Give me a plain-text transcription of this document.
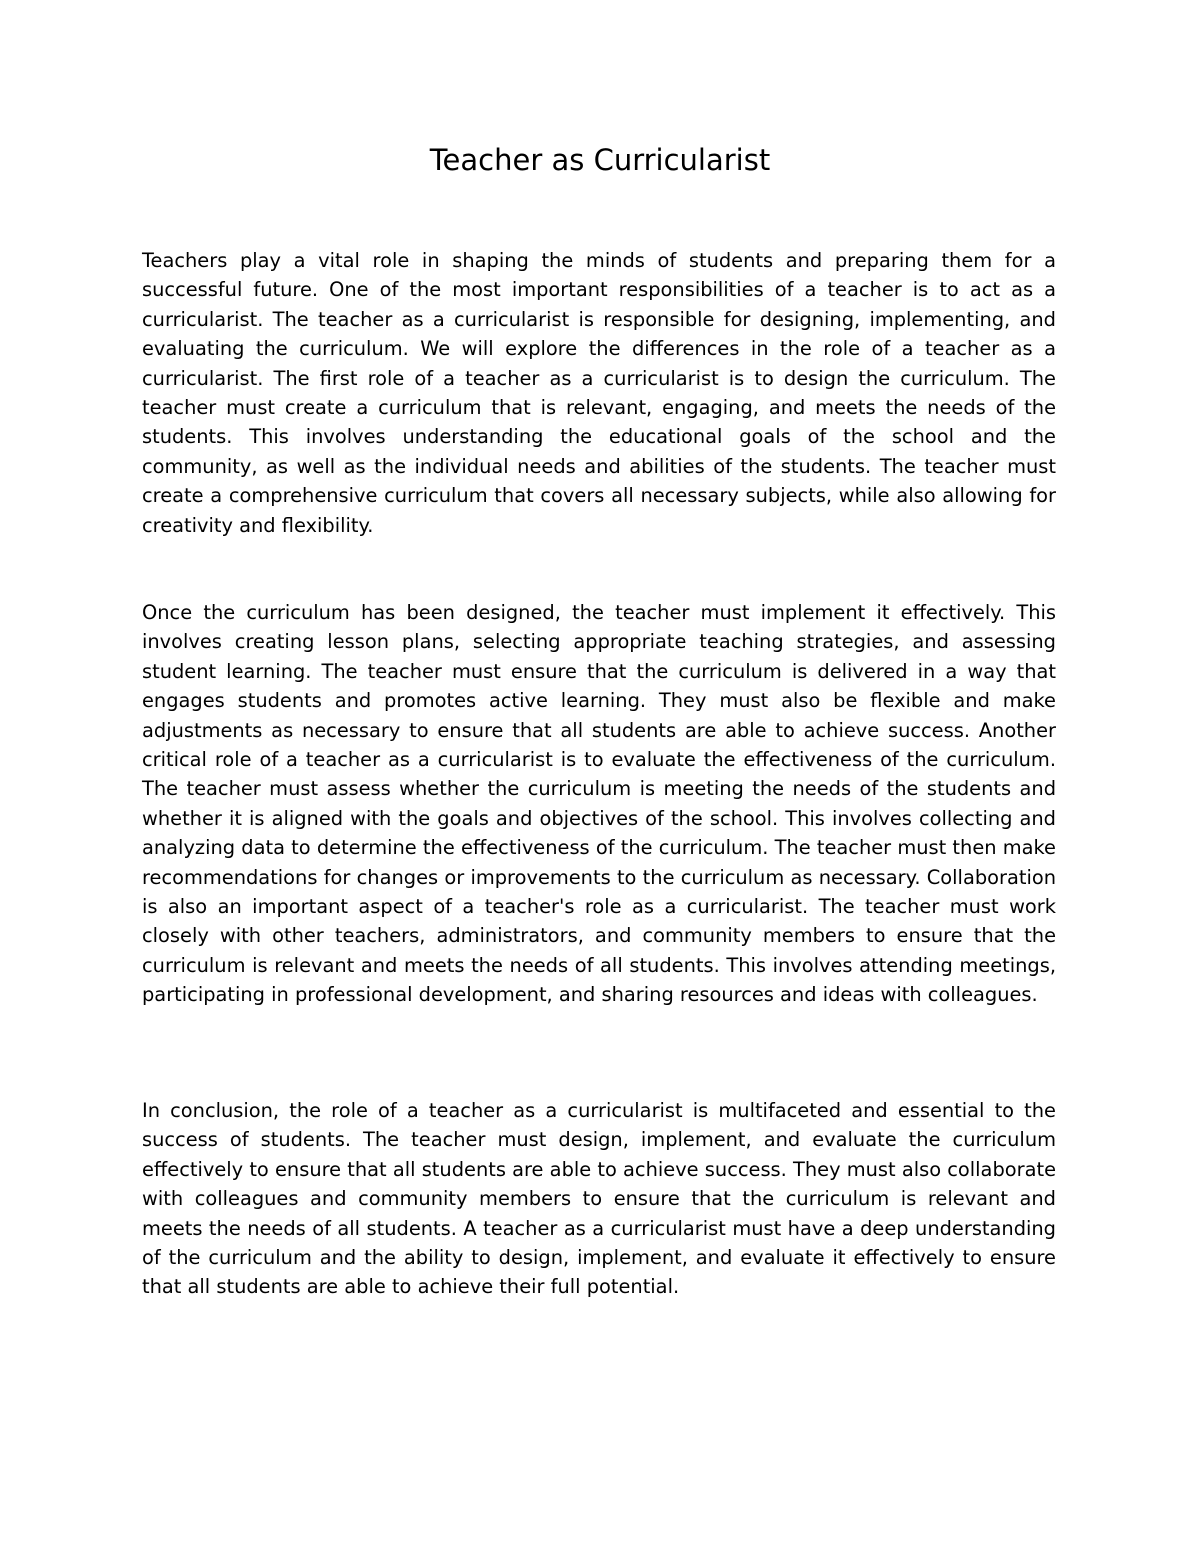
Teacher as Curricularist

Teachers play a vital role in shaping the minds of students and preparing them for a successful future. One of the most important responsibilities of a teacher is to act as a curricularist. The teacher as a curricularist is responsible for designing, implementing, and evaluating the curriculum. We will explore the differences in the role of a teacher as a curricularist. The first role of a teacher as a curricularist is to design the curriculum. The teacher must create a curriculum that is relevant, engaging, and meets the needs of the students. This involves understanding the educational goals of the school and the community, as well as the individual needs and abilities of the students. The teacher must create a comprehensive curriculum that covers all necessary subjects, while also allowing for creativity and flexibility.

Once the curriculum has been designed, the teacher must implement it effectively. This involves creating lesson plans, selecting appropriate teaching strategies, and assessing student learning. The teacher must ensure that the curriculum is delivered in a way that engages students and promotes active learning. They must also be flexible and make adjustments as necessary to ensure that all students are able to achieve success. Another critical role of a teacher as a curricularist is to evaluate the effectiveness of the curriculum. The teacher must assess whether the curriculum is meeting the needs of the students and whether it is aligned with the goals and objectives of the school. This involves collecting and analyzing data to determine the effectiveness of the curriculum. The teacher must then make recommendations for changes or improvements to the curriculum as necessary. Collaboration is also an important aspect of a teacher's role as a curricularist. The teacher must work closely with other teachers, administrators, and community members to ensure that the curriculum is relevant and meets the needs of all students. This involves attending meetings, participating in professional development, and sharing resources and ideas with colleagues.

In conclusion, the role of a teacher as a curricularist is multifaceted and essential to the success of students. The teacher must design, implement, and evaluate the curriculum effectively to ensure that all students are able to achieve success. They must also collaborate with colleagues and community members to ensure that the curriculum is relevant and meets the needs of all students. A teacher as a curricularist must have a deep understanding of the curriculum and the ability to design, implement, and evaluate it effectively to ensure that all students are able to achieve their full potential.
